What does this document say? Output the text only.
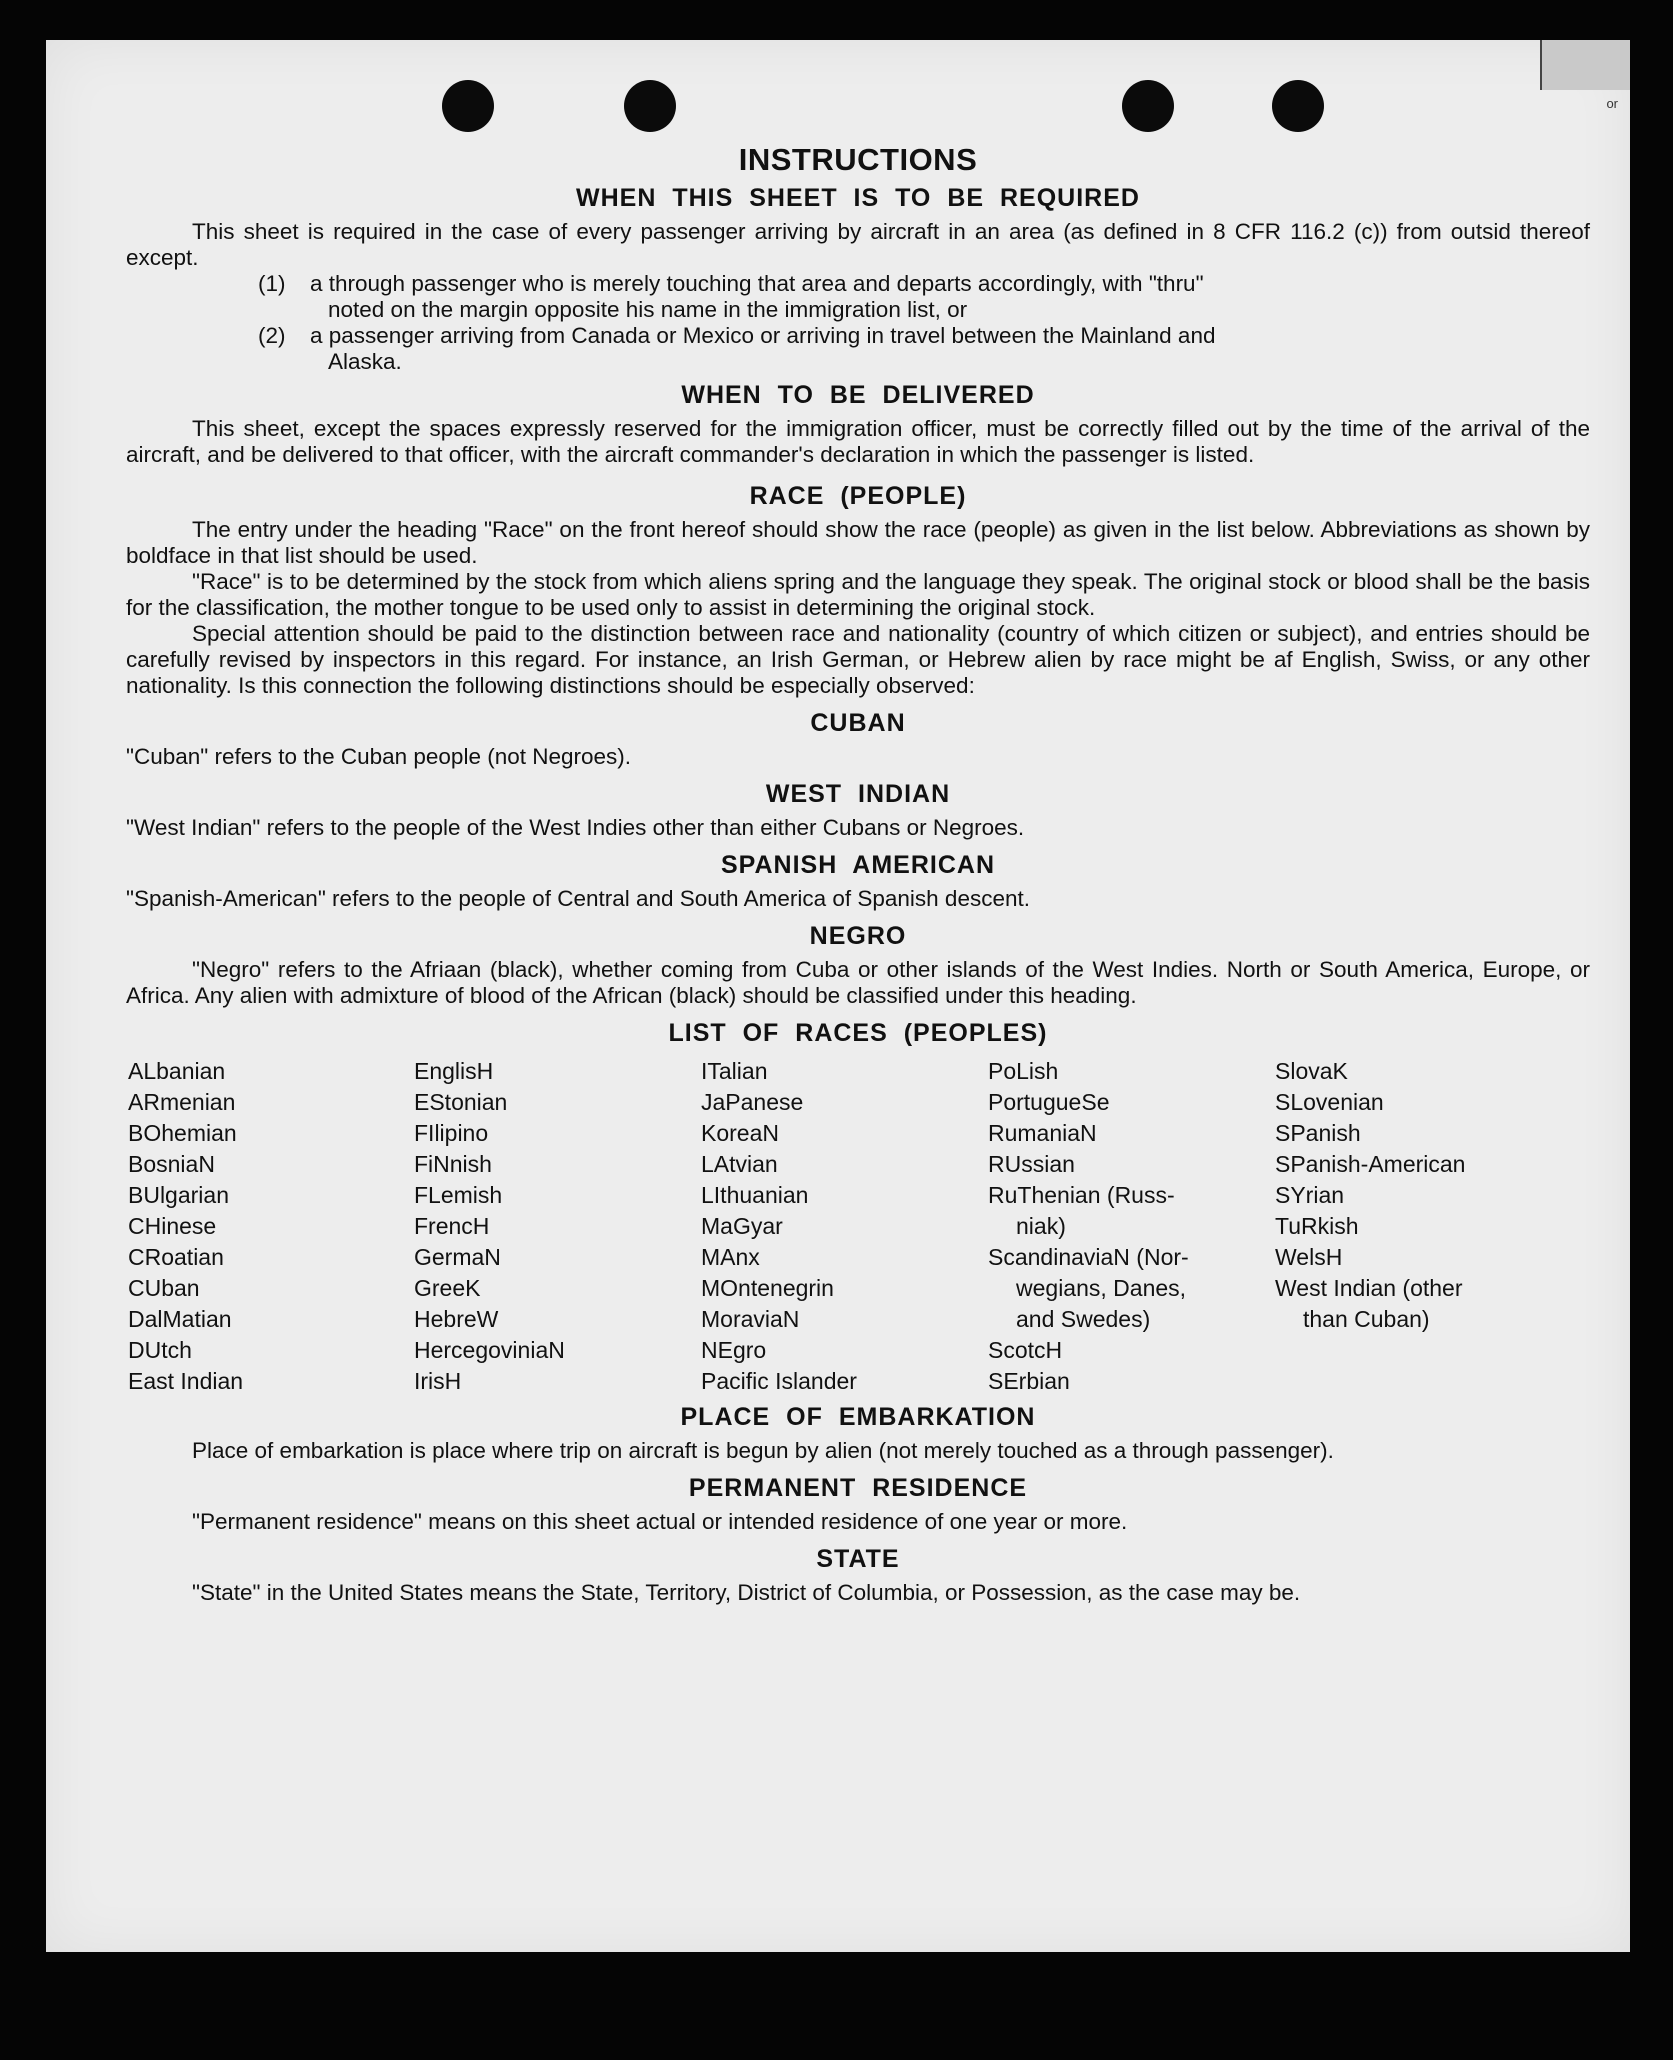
or
INSTRUCTIONS
WHEN THIS SHEET IS TO BE REQUIRED

This sheet is required in the case of every passenger arriving by aircraft in an area (as defined in 8 CFR 116.2 (c)) from outsid thereof except.

(1) a through passenger who is merely touching that area and departs accordingly, with "thru"
noted on the margin opposite his name in the immigration list, or
(2) a passenger arriving from Canada or Mexico or arriving in travel between the Mainland and
Alaska.
WHEN TO BE DELIVERED

This sheet, except the spaces expressly reserved for the immigration officer, must be correctly filled out by the time of the arrival of the aircraft, and be delivered to that officer, with the aircraft commander's declaration in which the passenger is listed.

RACE (PEOPLE)

The entry under the heading "Race" on the front hereof should show the race (people) as given in the list below. Abbreviations as shown by boldface in that list should be used.

"Race" is to be determined by the stock from which aliens spring and the language they speak. The original stock or blood shall be the basis for the classification, the mother tongue to be used only to assist in determining the original stock.

Special attention should be paid to the distinction between race and nationality (country of which citizen or subject), and entries should be carefully revised by inspectors in this regard. For instance, an Irish German, or Hebrew alien by race might be af English, Swiss, or any other nationality. Is this connection the following distinctions should be especially observed:

CUBAN

"Cuban" refers to the Cuban people (not Negroes).

WEST INDIAN

"West Indian" refers to the people of the West Indies other than either Cubans or Negroes.

SPANISH AMERICAN

"Spanish-American" refers to the people of Central and South America of Spanish descent.

NEGRO

"Negro" refers to the Afriaan (black), whether coming from Cuba or other islands of the West Indies. North or South America, Europe, or Africa. Any alien with admixture of blood of the African (black) should be classified under this heading.

LIST OF RACES (PEOPLES)
ALbanian
ARmenian
BOhemian
BosniaN
BUlgarian
CHinese
CRoatian
CUban
DalMatian
DUtch
East Indian
EnglisH
EStonian
FIlipino
FiNnish
FLemish
FrencH
GermaN
GreeK
HebreW
HercegoviniaN
IrisH
ITalian
JaPanese
KoreaN
LAtvian
LIthuanian
MaGyar
MAnx
MOntenegrin
MoraviaN
NEgro
Pacific Islander
PoLish
PortugueSe
RumaniaN
RUssian
RuThenian (Russ-
niak)
ScandinaviaN (Nor-
wegians, Danes,
and Swedes)
ScotcH
SErbian
SlovaK
SLovenian
SPanish
SPanish-American
SYrian
TuRkish
WelsH
West Indian (other
than Cuban)
PLACE OF EMBARKATION

Place of embarkation is place where trip on aircraft is begun by alien (not merely touched as a through passenger).

PERMANENT RESIDENCE

"Permanent residence" means on this sheet actual or intended residence of one year or more.

STATE

"State" in the United States means the State, Territory, District of Columbia, or Possession, as the case may be.
